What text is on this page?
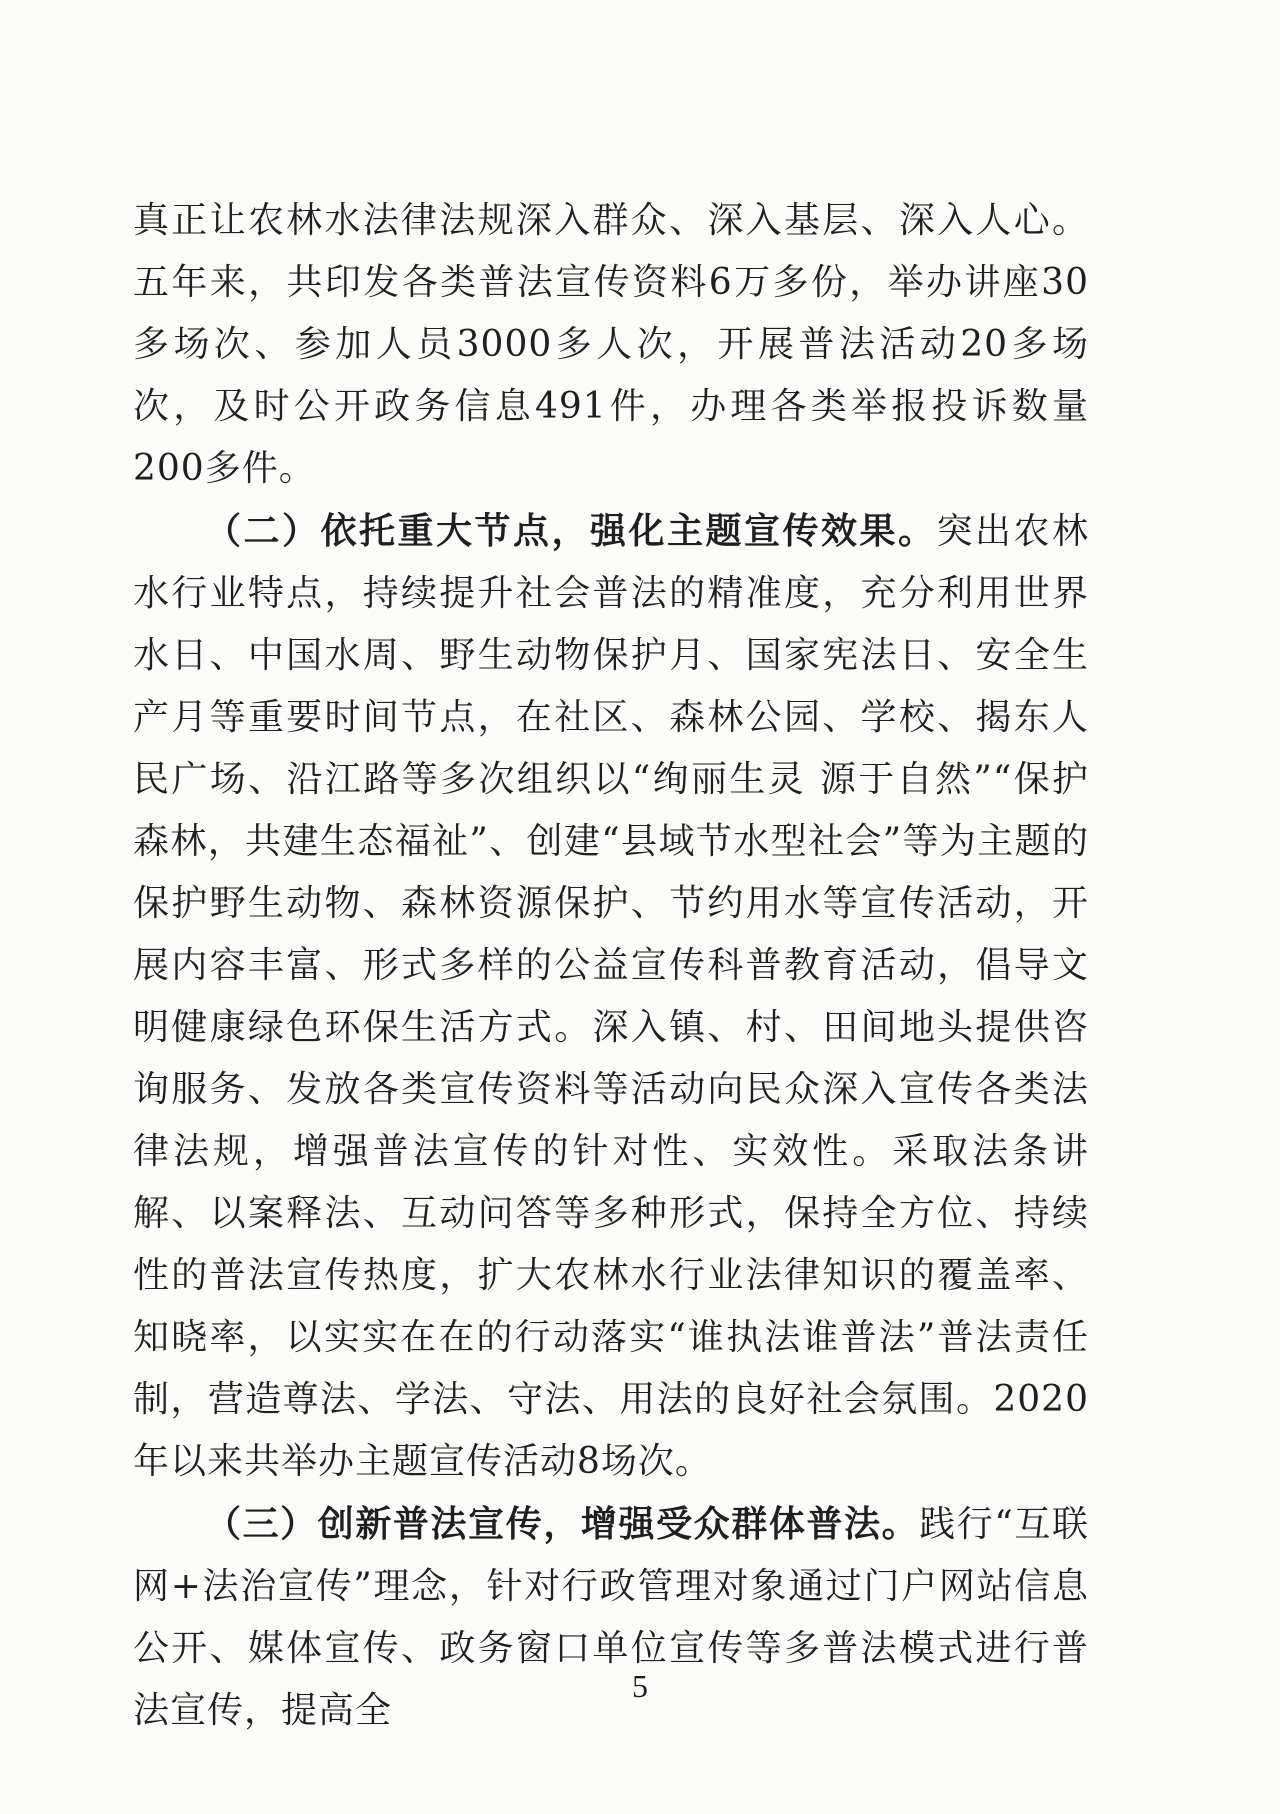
真正让农林水法律法规深入群众、深入基层、深入人心。五年来，共印发各类普法宣传资料6万多份，举办讲座30多场次、参加人员3000多人次，开展普法活动20多场次，及时公开政务信息491件，办理各类举报投诉数量200多件。

（二）依托重大节点，强化主题宣传效果。突出农林水行业特点，持续提升社会普法的精准度，充分利用世界水日、中国水周、野生动物保护月、国家宪法日、安全生产月等重要时间节点，在社区、森林公园、学校、揭东人民广场、沿江路等多次组织以“绚丽生灵 源于自然”“保护森林，共建生态福祉”、创建“县域节水型社会”等为主题的保护野生动物、森林资源保护、节约用水等宣传活动，开展内容丰富、形式多样的公益宣传科普教育活动，倡导文明健康绿色环保生活方式。深入镇、村、田间地头提供咨询服务、发放各类宣传资料等活动向民众深入宣传各类法律法规，增强普法宣传的针对性、实效性。采取法条讲解、以案释法、互动问答等多种形式，保持全方位、持续性的普法宣传热度，扩大农林水行业法律知识的覆盖率、知晓率，以实实在在的行动落实“谁执法谁普法”普法责任制，营造尊法、学法、守法、用法的良好社会氛围。2020年以来共举办主题宣传活动8场次。

（三）创新普法宣传，增强受众群体普法。践行“互联网+法治宣传”理念，针对行政管理对象通过门户网站信息公开、媒体宣传、政务窗口单位宣传等多普法模式进行普法宣传，提高全

5
